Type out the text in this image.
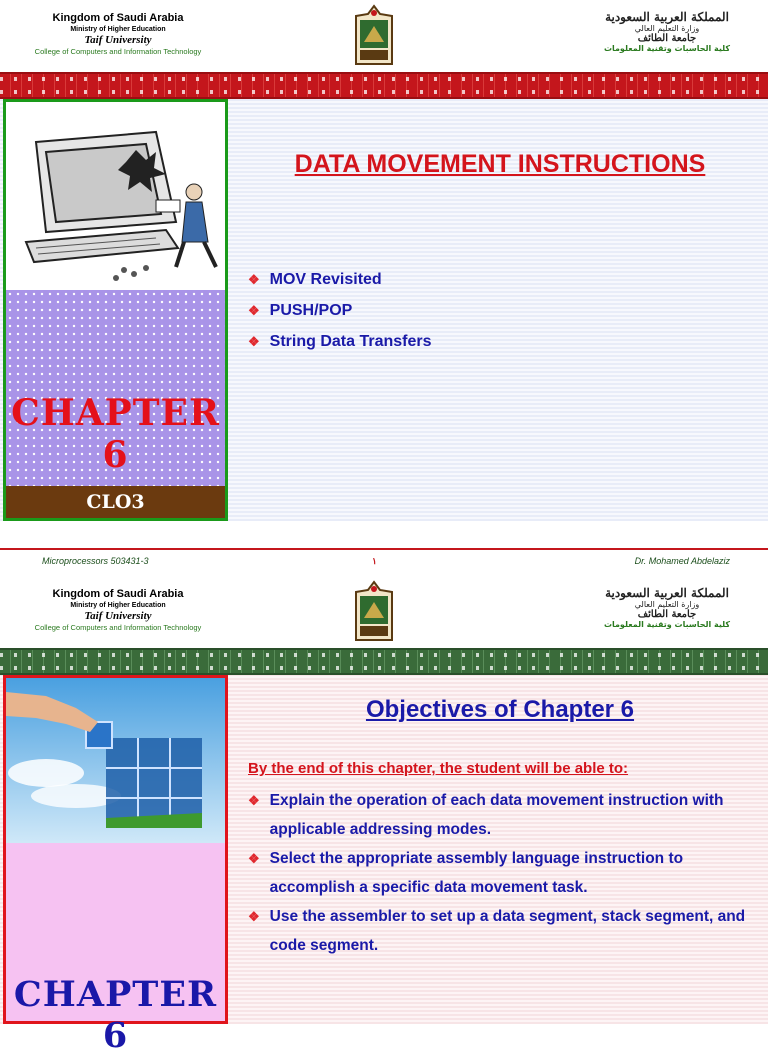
Kingdom of Saudi Arabia
Ministry of Higher Education
Taif University
College of Computers and Information Technology
المملكة العربية السعودية
وزارة التعليم العالي
جامعة الطائف
كلية الحاسبات وتقنية المعلومات
CHAPTER 6
CLO3
DATA MOVEMENT INSTRUCTIONS
❖ MOV Revisited
❖ PUSH/POP
❖ String Data Transfers
Microprocessors 503431-3	١	Dr. Mohamed Abdelaziz
Kingdom of Saudi Arabia
Ministry of Higher Education
Taif University
College of Computers and Information Technology
المملكة العربية السعودية
وزارة التعليم العالي
جامعة الطائف
كلية الحاسبات وتقنية المعلومات
CHAPTER 6
Objectives of Chapter 6
By the end of this chapter, the student will be able to:
❖ Explain the operation of each data movement instruction with applicable addressing modes.
❖ Select the appropriate assembly language instruction to accomplish a specific data movement task.
❖ Use the assembler to set up a data segment, stack segment, and code segment.
